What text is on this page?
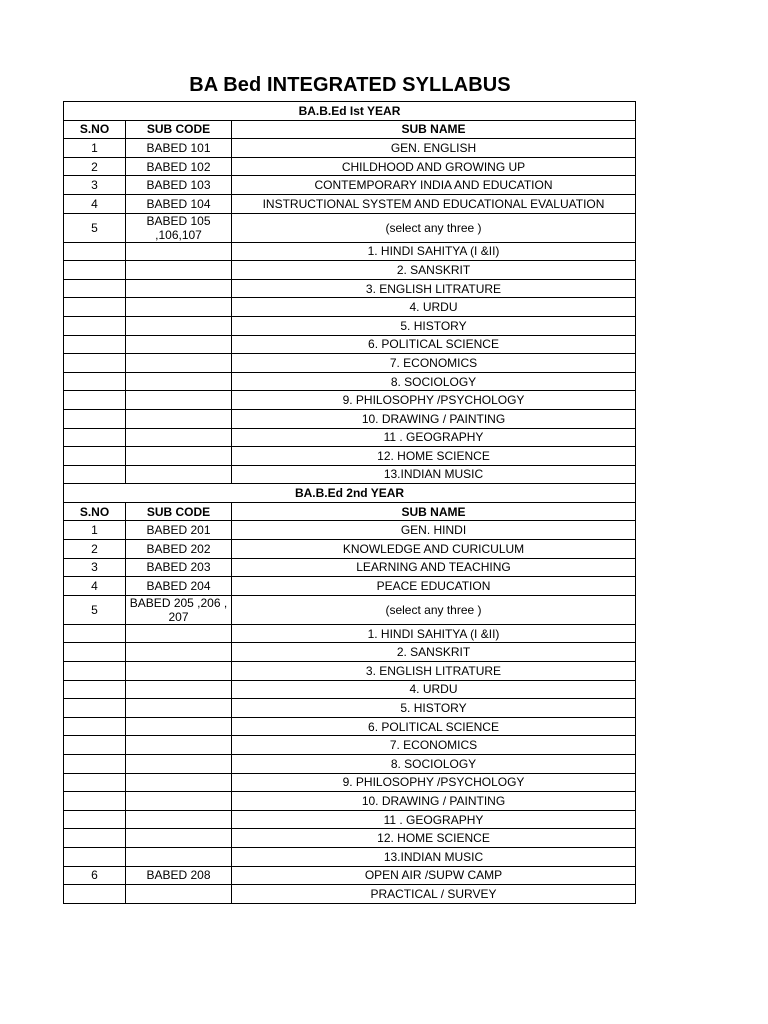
BA Bed INTEGRATED SYLLABUS
BA.B.Ed Ist YEAR		
S.NO	SUB CODE	SUB NAME
1	BABED 101	GEN. ENGLISH
2	BABED 102	CHILDHOOD AND GROWING UP
3	BABED 103	CONTEMPORARY INDIA AND EDUCATION
4	BABED 104	INSTRUCTIONAL SYSTEM AND EDUCATIONAL EVALUATION
5	BABED 105 ,106,107	(select any three )
		1. HINDI SAHITYA (I &II)
		2. SANSKRIT
		3. ENGLISH LITRATURE
		4. URDU
		5. HISTORY
		6. POLITICAL SCIENCE
		7. ECONOMICS
		8. SOCIOLOGY
		9. PHILOSOPHY /PSYCHOLOGY
		10. DRAWING / PAINTING
		11 . GEOGRAPHY
		12. HOME SCIENCE
		13.INDIAN MUSIC
BA.B.Ed 2nd YEAR		
S.NO	SUB CODE	SUB NAME
1	BABED 201	GEN. HINDI
2	BABED 202	KNOWLEDGE AND CURICULUM
3	BABED 203	LEARNING AND TEACHING
4	BABED 204	PEACE EDUCATION
5	BABED 205 ,206 , 207	(select any three )
		1. HINDI SAHITYA (I &II)
		2. SANSKRIT
		3. ENGLISH LITRATURE
		4. URDU
		5. HISTORY
		6. POLITICAL SCIENCE
		7. ECONOMICS
		8. SOCIOLOGY
		9. PHILOSOPHY /PSYCHOLOGY
		10. DRAWING / PAINTING
		11 . GEOGRAPHY
		12. HOME SCIENCE
		13.INDIAN MUSIC
6	BABED 208	OPEN AIR /SUPW CAMP
		PRACTICAL / SURVEY
